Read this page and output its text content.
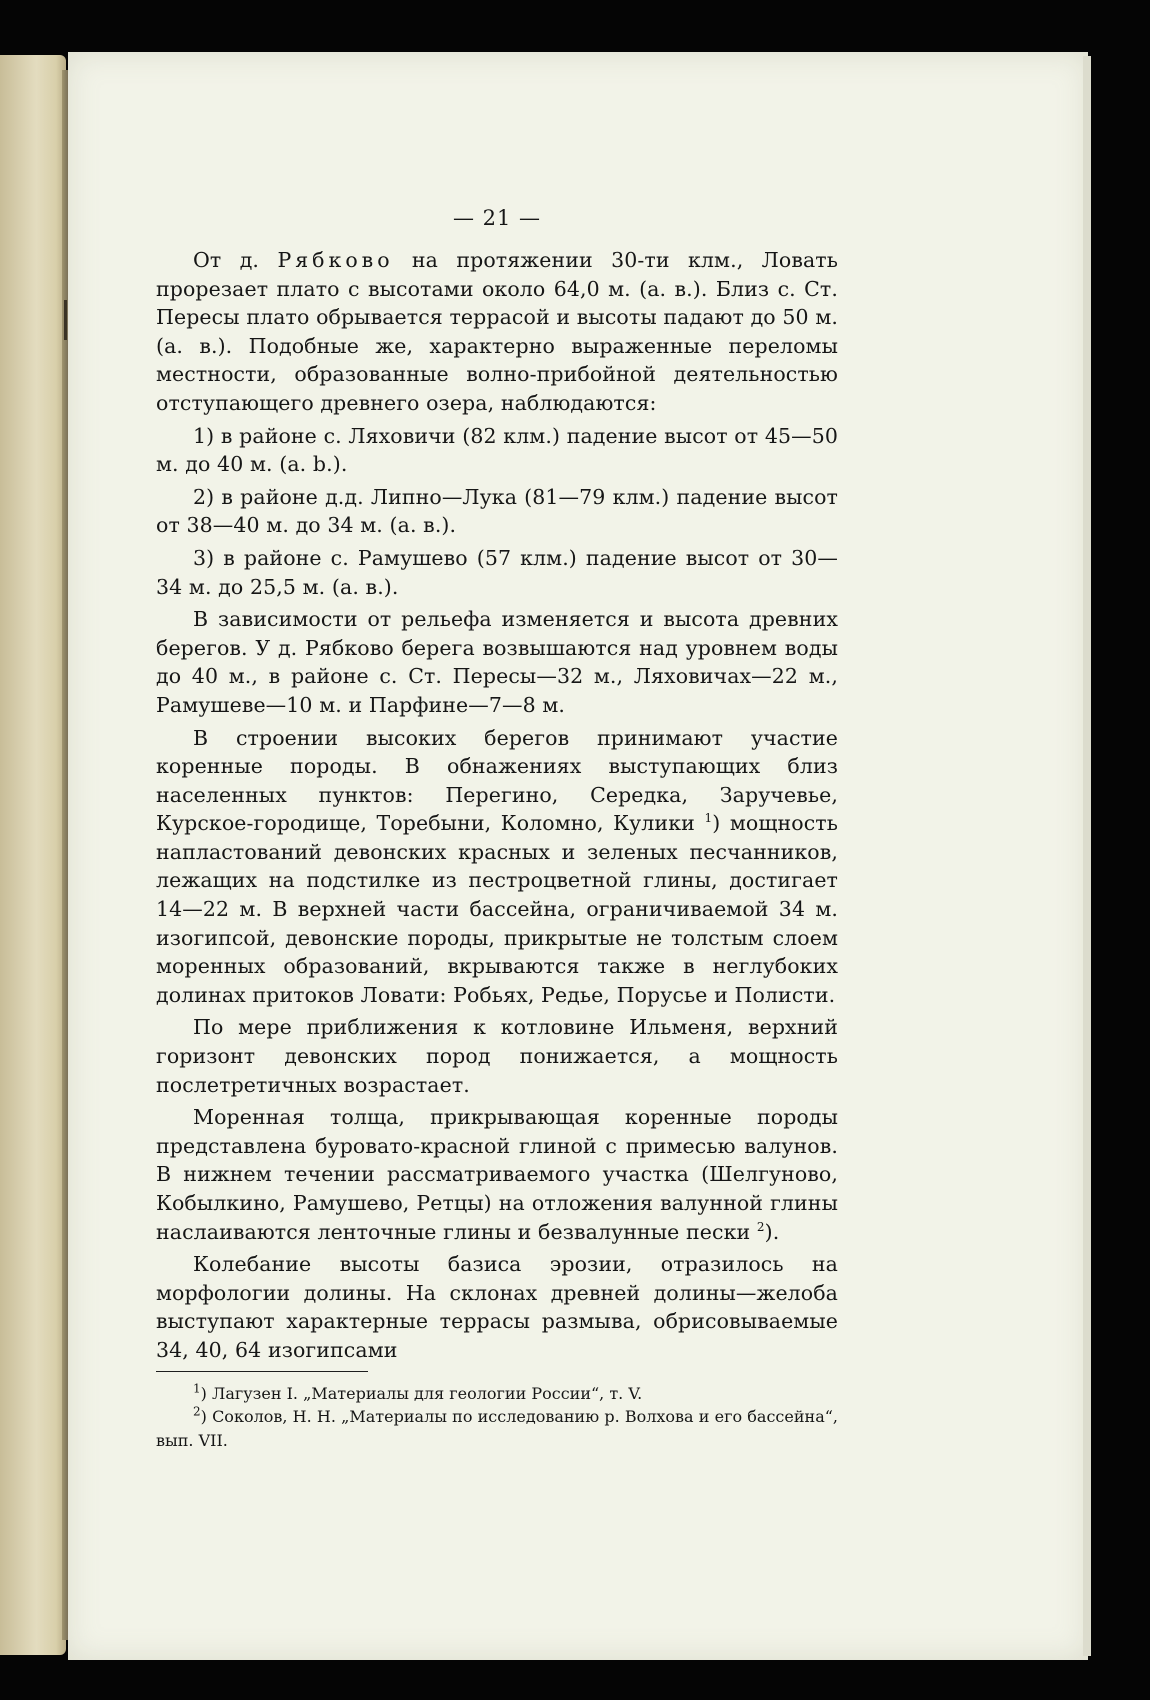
— 21 —

От д. Рябково на протяжении 30-ти клм., Ловать прорезает плато с высотами около 64,0 м. (а. в.). Близ с. Ст. Пересы плато обрывается террасой и высоты падают до 50 м. (а. в.). Подобные же, характерно выраженные переломы местности, образованные волно-прибойной деятельностью отступающего древнего озера, наблюдаются:

1) в районе с. Ляховичи (82 клм.) падение высот от 45—50 м. до 40 м. (а. b.).

2) в районе д.д. Липно—Лука (81—79 клм.) падение высот от 38—40 м. до 34 м. (а. в.).

3) в районе с. Рамушево (57 клм.) падение высот от 30—34 м. до 25,5 м. (а. в.).

В зависимости от рельефа изменяется и высота древних берегов. У д. Рябково берега возвышаются над уровнем воды до 40 м., в районе с. Ст. Пересы—32 м., Ляховичах—22 м., Рамушеве—10 м. и Парфине—7—8 м.

В строении высоких берегов принимают участие коренные породы. В обнажениях выступающих близ населенных пунктов: Перегино, Середка, Заручевье, Курское-городище, Торебыни, Коломно, Кулики $^1$) мощность напластований девонских красных и зеленых песчанников, лежащих на подстилке из пестроцветной глины, достигает 14—22 м. В верхней части бассейна, ограничиваемой 34 м. изогипсой, девонские породы, прикрытые не толстым слоем моренных образований, вкрываются также в неглубоких долинах притоков Ловати: Робьях, Редье, Порусье и Полисти.

По мере приближения к котловине Ильменя, верхний горизонт девонских пород понижается, а мощность послетретичных возрастает.

Моренная толща, прикрывающая коренные породы представлена буровато-красной глиной с примесью валунов. В нижнем течении рассматриваемого участка (Шелгуново, Кобылкино, Рамушево, Ретцы) на отложения валунной глины наслаиваются ленточные глины и безвалунные пески $^2$).

Колебание высоты базиса эрозии, отразилось на морфологии долины. На склонах древней долины—желоба выступают характерные террасы размыва, обрисовываемые 34, 40, 64 изогипсами

$^1$) Лагузен I. „Материалы для геологии России“, т. V.

$^2$) Соколов, Н. Н. „Материалы по исследованию р. Волхова и его бассейна“, вып. VII.
